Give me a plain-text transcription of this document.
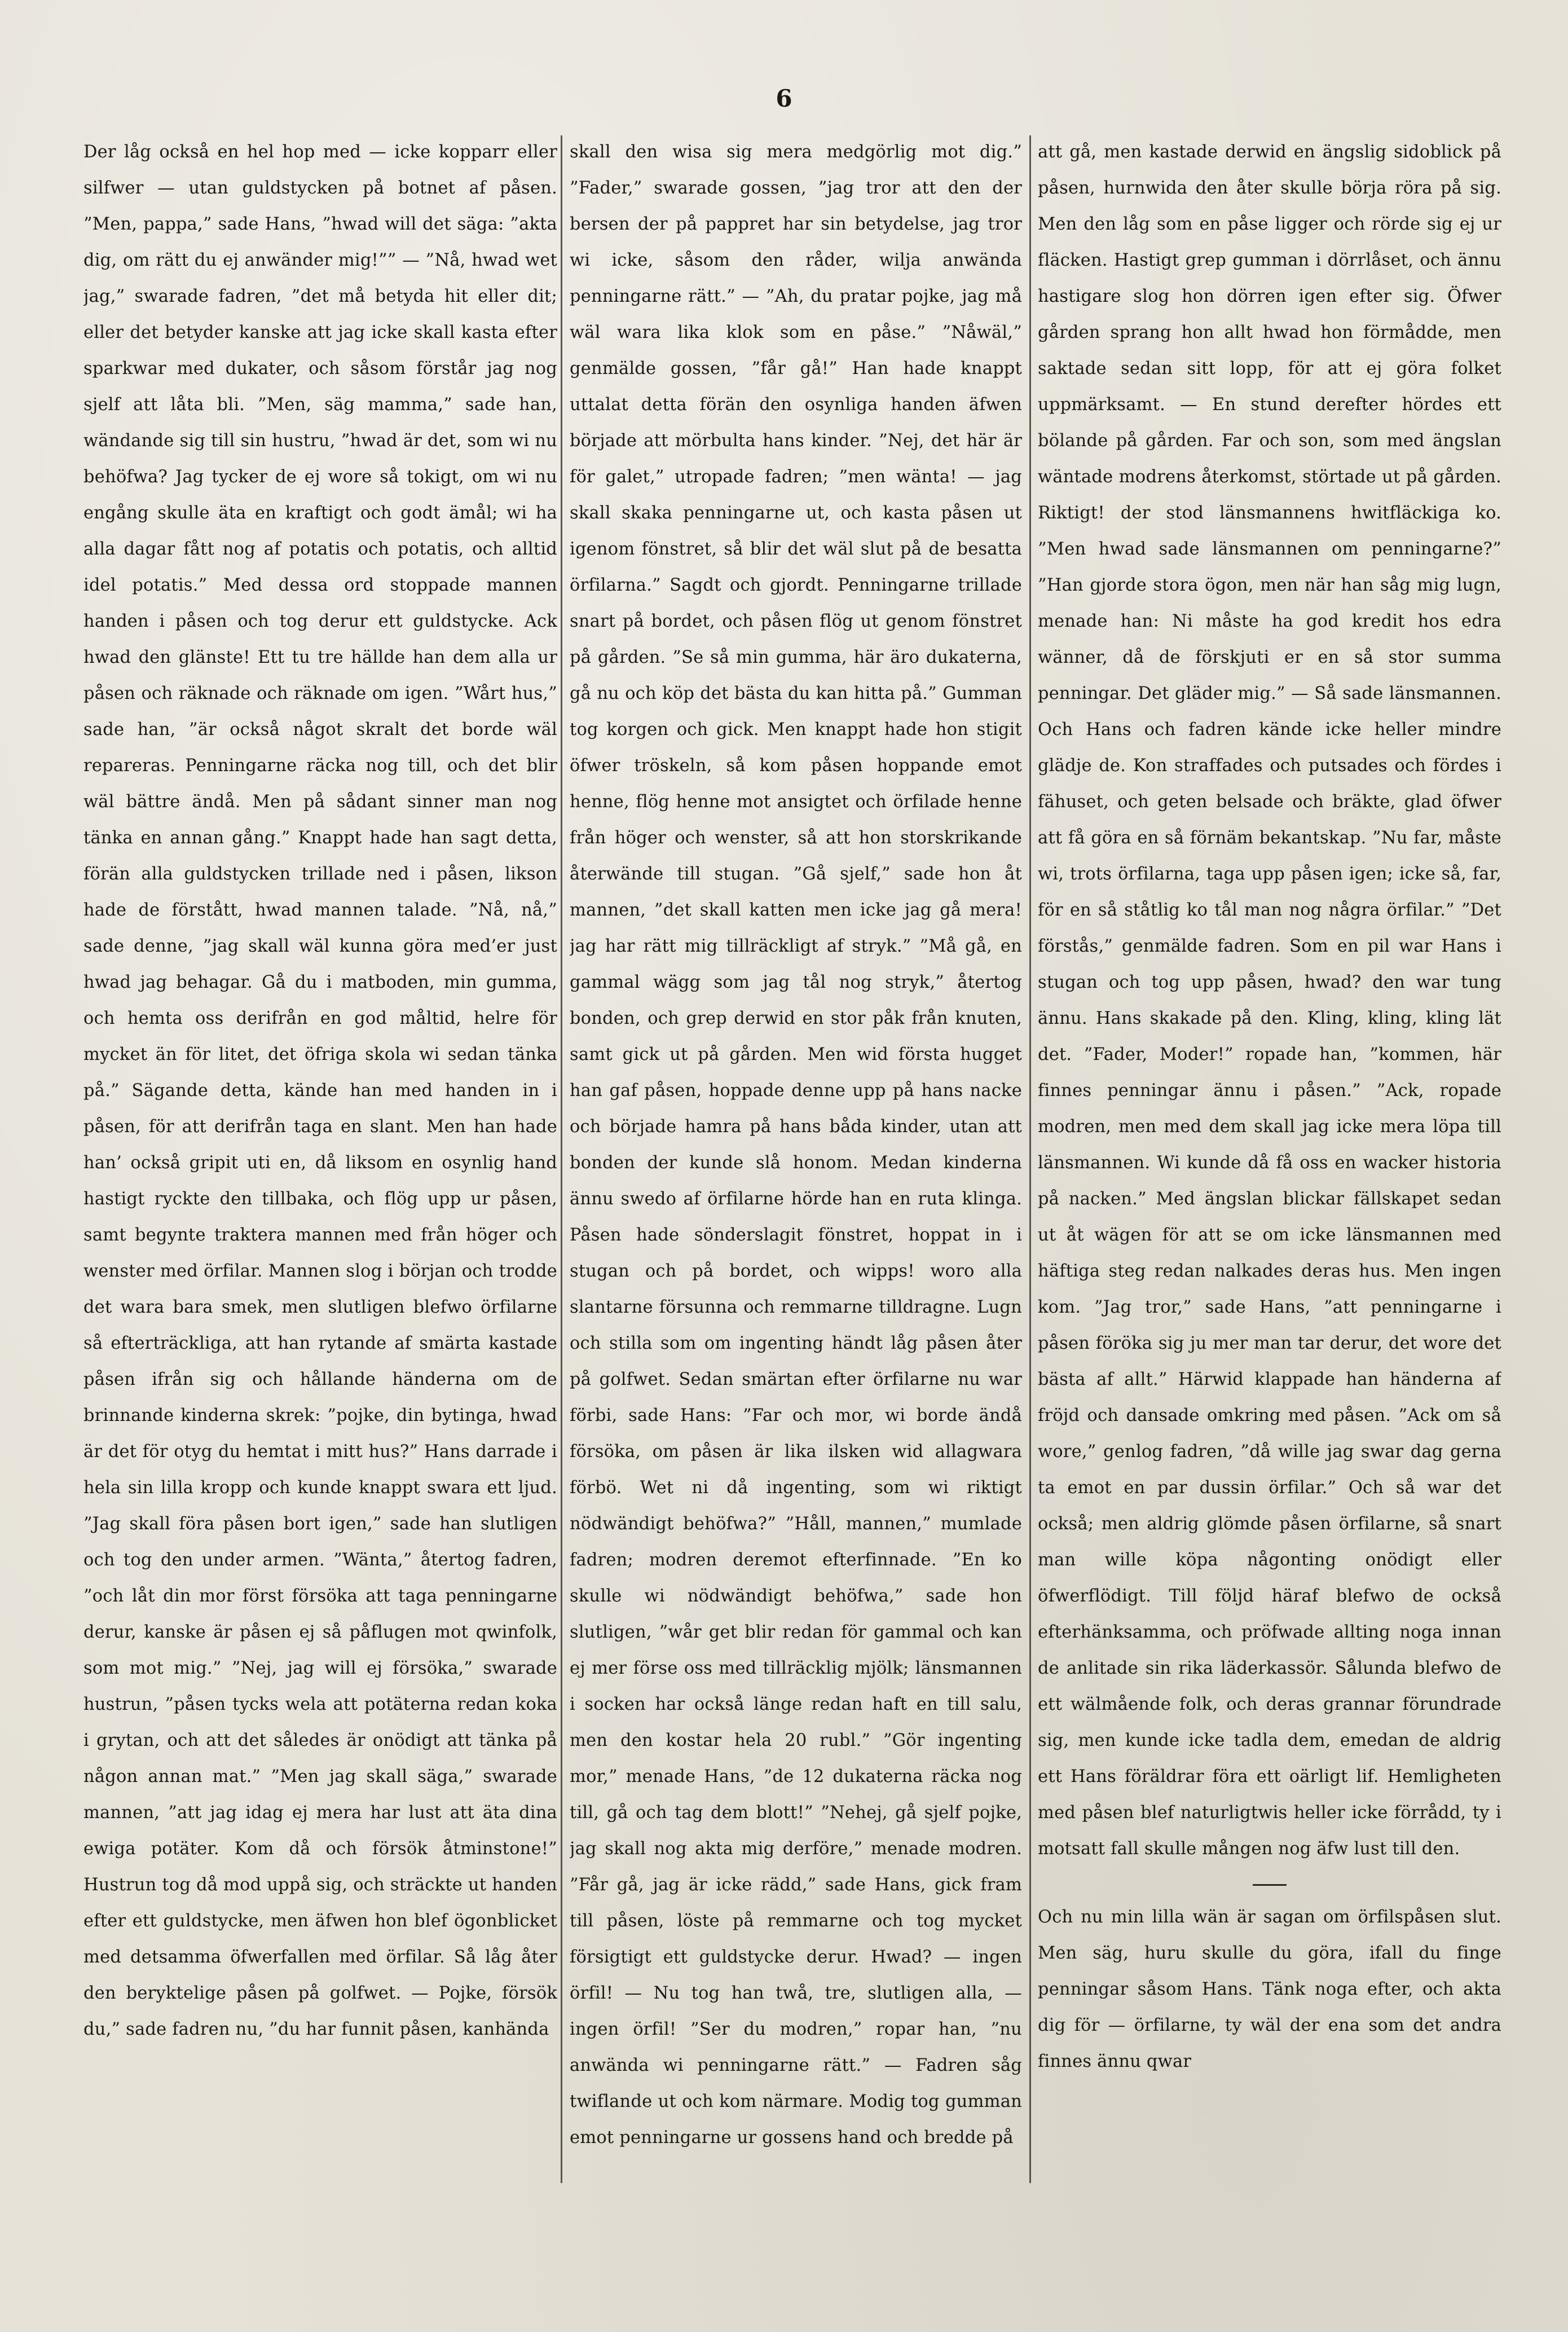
6

Der låg också en hel hop med — icke kopparr eller silfwer — utan guldstycken på botnet af påsen. ”Men, pappa,” sade Hans, ”hwad will det säga: ”akta dig, om rätt du ej anwänder mig!”” — ”Nå, hwad wet jag,” swarade fadren, ”det må betyda hit eller dit; eller det betyder kanske att jag icke skall kasta efter sparkwar med dukater, och såsom förstår jag nog sjelf att låta bli. ”Men, säg mamma,” sade han, wändande sig till sin hustru, ”hwad är det, som wi nu behöfwa? Jag tycker de ej wore så tokigt, om wi nu engång skulle äta en kraftigt och godt ämål; wi ha alla dagar fått nog af potatis och potatis, och alltid idel potatis.” Med dessa ord stoppade mannen handen i påsen och tog derur ett guldstycke. Ack hwad den glänste! Ett tu tre hällde han dem alla ur påsen och räknade och räknade om igen. ”Wårt hus,” sade han, ”är också något skralt det borde wäl repareras. Penningarne räcka nog till, och det blir wäl bättre ändå. Men på sådant sinner man nog tänka en annan gång.” Knappt hade han sagt detta, förän alla guldstycken trillade ned i påsen, likson hade de förstått, hwad mannen talade. ”Nå, nå,” sade denne, ”jag skall wäl kunna göra med’er just hwad jag behagar. Gå du i matboden, min gumma, och hemta oss derifrån en god måltid, helre för mycket än för litet, det öfriga skola wi sedan tänka på.” Sägande detta, kände han med handen in i påsen, för att derifrån taga en slant. Men han hade han’ också gripit uti en, då liksom en osynlig hand hastigt ryckte den tillbaka, och flög upp ur påsen, samt begynte traktera mannen med från höger och wenster med örfilar. Mannen slog i början och trodde det wara bara smek, men slutligen blefwo örfilarne så efterträckliga, att han rytande af smärta kastade påsen ifrån sig och hållande händerna om de brinnande kinderna skrek: ”pojke, din bytinga, hwad är det för otyg du hemtat i mitt hus?” Hans darrade i hela sin lilla kropp och kunde knappt swara ett ljud. ”Jag skall föra påsen bort igen,” sade han slutligen och tog den under armen. ”Wänta,” återtog fadren, ”och låt din mor först försöka att taga penningarne derur, kanske är påsen ej så påflugen mot qwinfolk, som mot mig.” ”Nej, jag will ej försöka,” swarade hustrun, ”påsen tycks wela att potäterna redan koka i grytan, och att det således är onödigt att tänka på någon annan mat.” ”Men jag skall säga,” swarade mannen, ”att jag idag ej mera har lust att äta dina ewiga potäter. Kom då och försök åtminstone!” Hustrun tog då mod uppå sig, och sträckte ut handen efter ett guldstycke, men äfwen hon blef ögonblicket med detsamma öfwerfallen med örfilar. Så låg åter den beryktelige påsen på golfwet. — Pojke, försök du,” sade fadren nu, ”du har funnit påsen, kanhända

skall den wisa sig mera medgörlig mot dig.” ”Fader,” swarade gossen, ”jag tror att den der bersen der på pappret har sin betydelse, jag tror wi icke, såsom den råder, wilja anwända penningarne rätt.” — ”Ah, du pratar pojke, jag må wäl wara lika klok som en påse.” ”Nåwäl,” genmälde gossen, ”får gå!” Han hade knappt uttalat detta förän den osynliga handen äfwen började att mörbulta hans kinder. ”Nej, det här är för galet,” utropade fadren; ”men wänta! — jag skall skaka penningarne ut, och kasta påsen ut igenom fönstret, så blir det wäl slut på de besatta örfilarna.” Sagdt och gjordt. Penningarne trillade snart på bordet, och påsen flög ut genom fönstret på gården. ”Se så min gumma, här äro dukaterna, gå nu och köp det bästa du kan hitta på.” Gumman tog korgen och gick. Men knappt hade hon stigit öfwer tröskeln, så kom påsen hoppande emot henne, flög henne mot ansigtet och örfilade henne från höger och wenster, så att hon storskrikande återwände till stugan. ”Gå sjelf,” sade hon åt mannen, ”det skall katten men icke jag gå mera! jag har rätt mig tillräckligt af stryk.” ”Må gå, en gammal wägg som jag tål nog stryk,” återtog bonden, och grep derwid en stor påk från knuten, samt gick ut på gården. Men wid första hugget han gaf påsen, hoppade denne upp på hans nacke och började hamra på hans båda kinder, utan att bonden der kunde slå honom. Medan kinderna ännu swedo af örfilarne hörde han en ruta klinga. Påsen hade sönderslagit fönstret, hoppat in i stugan och på bordet, och wipps! woro alla slantarne försunna och remmarne tilldragne. Lugn och stilla som om ingenting händt låg påsen åter på golfwet. Sedan smärtan efter örfilarne nu war förbi, sade Hans: ”Far och mor, wi borde ändå försöka, om påsen är lika ilsken wid allagwara förbö. Wet ni då ingenting, som wi riktigt nödwändigt behöfwa?” ”Håll, mannen,” mumlade fadren; modren deremot efterfinnade. ”En ko skulle wi nödwändigt behöfwa,” sade hon slutligen, ”wår get blir redan för gammal och kan ej mer förse oss med tillräcklig mjölk; länsmannen i socken har också länge redan haft en till salu, men den kostar hela 20 rubl.” ”Gör ingenting mor,” menade Hans, ”de 12 dukaterna räcka nog till, gå och tag dem blott!” ”Nehej, gå sjelf pojke, jag skall nog akta mig derföre,” menade modren. ”Får gå, jag är icke rädd,” sade Hans, gick fram till påsen, löste på remmarne och tog mycket försigtigt ett guldstycke derur. Hwad? — ingen örfil! — Nu tog han twå, tre, slutligen alla, — ingen örfil! ”Ser du modren,” ropar han, ”nu anwända wi penningarne rätt.” — Fadren såg twiflande ut och kom närmare. Modig tog gumman emot penningarne ur gossens hand och bredde på

att gå, men kastade derwid en ängslig sidoblick på påsen, hurnwida den åter skulle börja röra på sig. Men den låg som en påse ligger och rörde sig ej ur fläcken. Hastigt grep gumman i dörrlåset, och ännu hastigare slog hon dörren igen efter sig. Öfwer gården sprang hon allt hwad hon förmådde, men saktade sedan sitt lopp, för att ej göra folket uppmärksamt. — En stund derefter hördes ett bölande på gården. Far och son, som med ängslan wäntade modrens återkomst, störtade ut på gården. Riktigt! der stod länsmannens hwitfläckiga ko. ”Men hwad sade länsmannen om penningarne?” ”Han gjorde stora ögon, men när han såg mig lugn, menade han: Ni måste ha god kredit hos edra wänner, då de förskjuti er en så stor summa penningar. Det gläder mig.” — Så sade länsmannen. Och Hans och fadren kände icke heller mindre glädje de. Kon straffades och putsades och fördes i fähuset, och geten belsade och bräkte, glad öfwer att få göra en så förnäm bekantskap. ”Nu far, måste wi, trots örfilarna, taga upp påsen igen; icke så, far, för en så ståtlig ko tål man nog några örfilar.” ”Det förstås,” genmälde fadren. Som en pil war Hans i stugan och tog upp påsen, hwad? den war tung ännu. Hans skakade på den. Kling, kling, kling lät det. ”Fader, Moder!” ropade han, ”kommen, här finnes penningar ännu i påsen.” ”Ack, ropade modren, men med dem skall jag icke mera löpa till länsmannen. Wi kunde då få oss en wacker historia på nacken.” Med ängslan blickar fällskapet sedan ut åt wägen för att se om icke länsmannen med häftiga steg redan nalkades deras hus. Men ingen kom. ”Jag tror,” sade Hans, ”att penningarne i påsen föröka sig ju mer man tar derur, det wore det bästa af allt.” Härwid klappade han händerna af fröjd och dansade omkring med påsen. ”Ack om så wore,” genlog fadren, ”då wille jag swar dag gerna ta emot en par dussin örfilar.” Och så war det också; men aldrig glömde påsen örfilarne, så snart man wille köpa någonting onödigt eller öfwerflödigt. Till följd häraf blefwo de också efterhänksamma, och pröfwade allting noga innan de anlitade sin rika läderkassör. Sålunda blefwo de ett wälmående folk, och deras grannar förundrade sig, men kunde icke tadla dem, emedan de aldrig ett Hans föräldrar föra ett oärligt lif. Hemligheten med påsen blef naturligtwis heller icke förrådd, ty i motsatt fall skulle mången nog äfw lust till den.

Och nu min lilla wän är sagan om örfilspåsen slut. Men säg, huru skulle du göra, ifall du finge penningar såsom Hans. Tänk noga efter, och akta dig för — örfilarne, ty wäl der ena som det andra finnes ännu qwar
